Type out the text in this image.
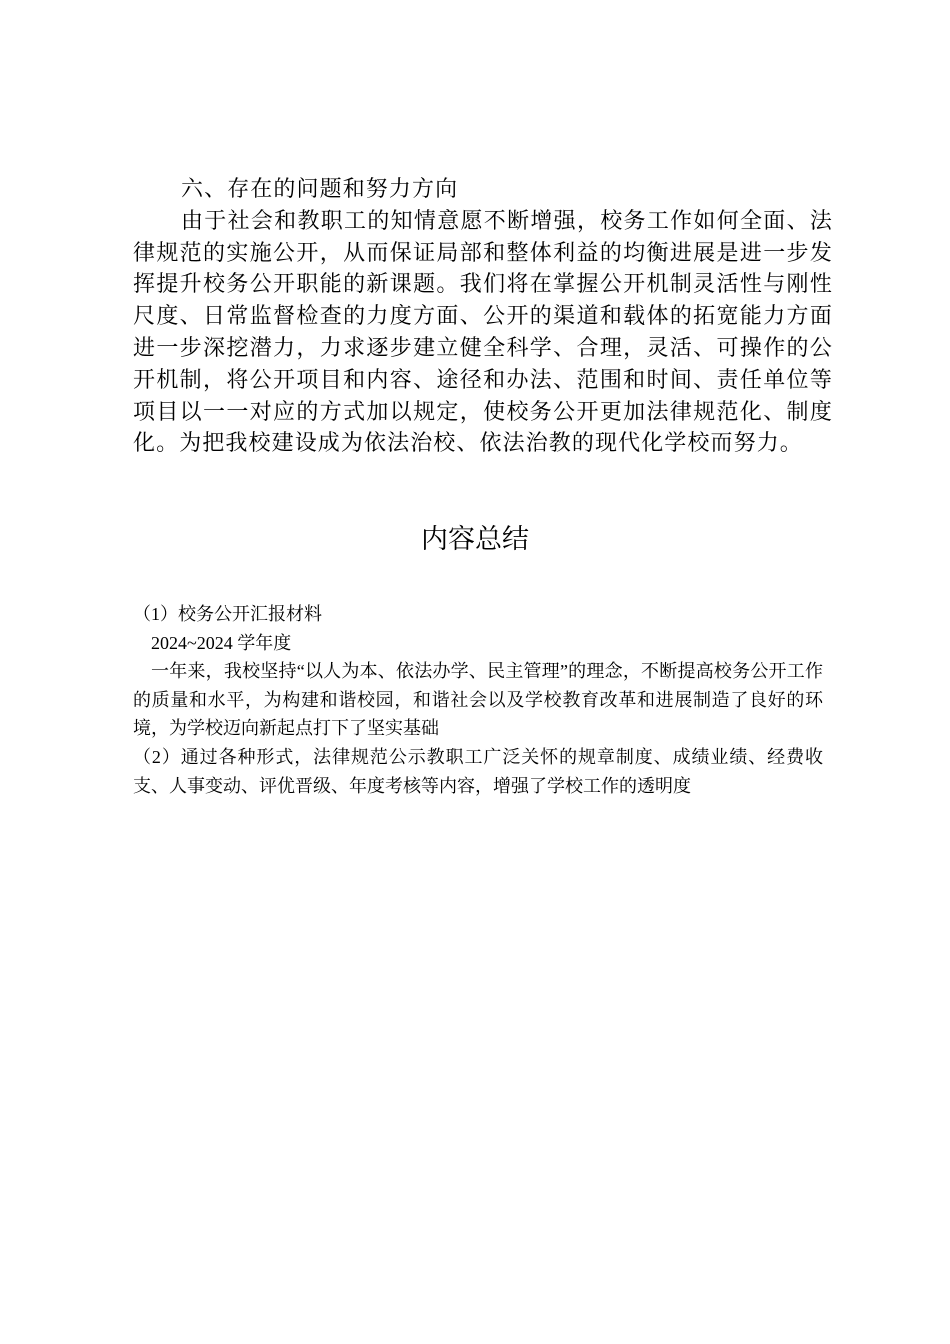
六、存在的问题和努力方向

由于社会和教职工的知情意愿不断增强，校务工作如何全面、法律规范的实施公开，从而保证局部和整体利益的均衡进展是进一步发挥提升校务公开职能的新课题。我们将在掌握公开机制灵活性与刚性尺度、日常监督检查的力度方面、公开的渠道和载体的拓宽能力方面进一步深挖潜力，力求逐步建立健全科学、合理，灵活、可操作的公开机制，将公开项目和内容、途径和办法、范围和时间、责任单位等项目以一一对应的方式加以规定，使校务公开更加法律规范化、制度化。为把我校建设成为依法治校、依法治教的现代化学校而努力。

内容总结

（1）校务公开汇报材料

2024~2024 学年度

一年来，我校坚持“以人为本、依法办学、民主管理”的理念，不断提高校务公开工作的质量和水平，为构建和谐校园，和谐社会以及学校教育改革和进展制造了良好的环境，为学校迈向新起点打下了坚实基础

（2）通过各种形式，法律规范公示教职工广泛关怀的规章制度、成绩业绩、经费收支、人事变动、评优晋级、年度考核等内容，增强了学校工作的透明度
